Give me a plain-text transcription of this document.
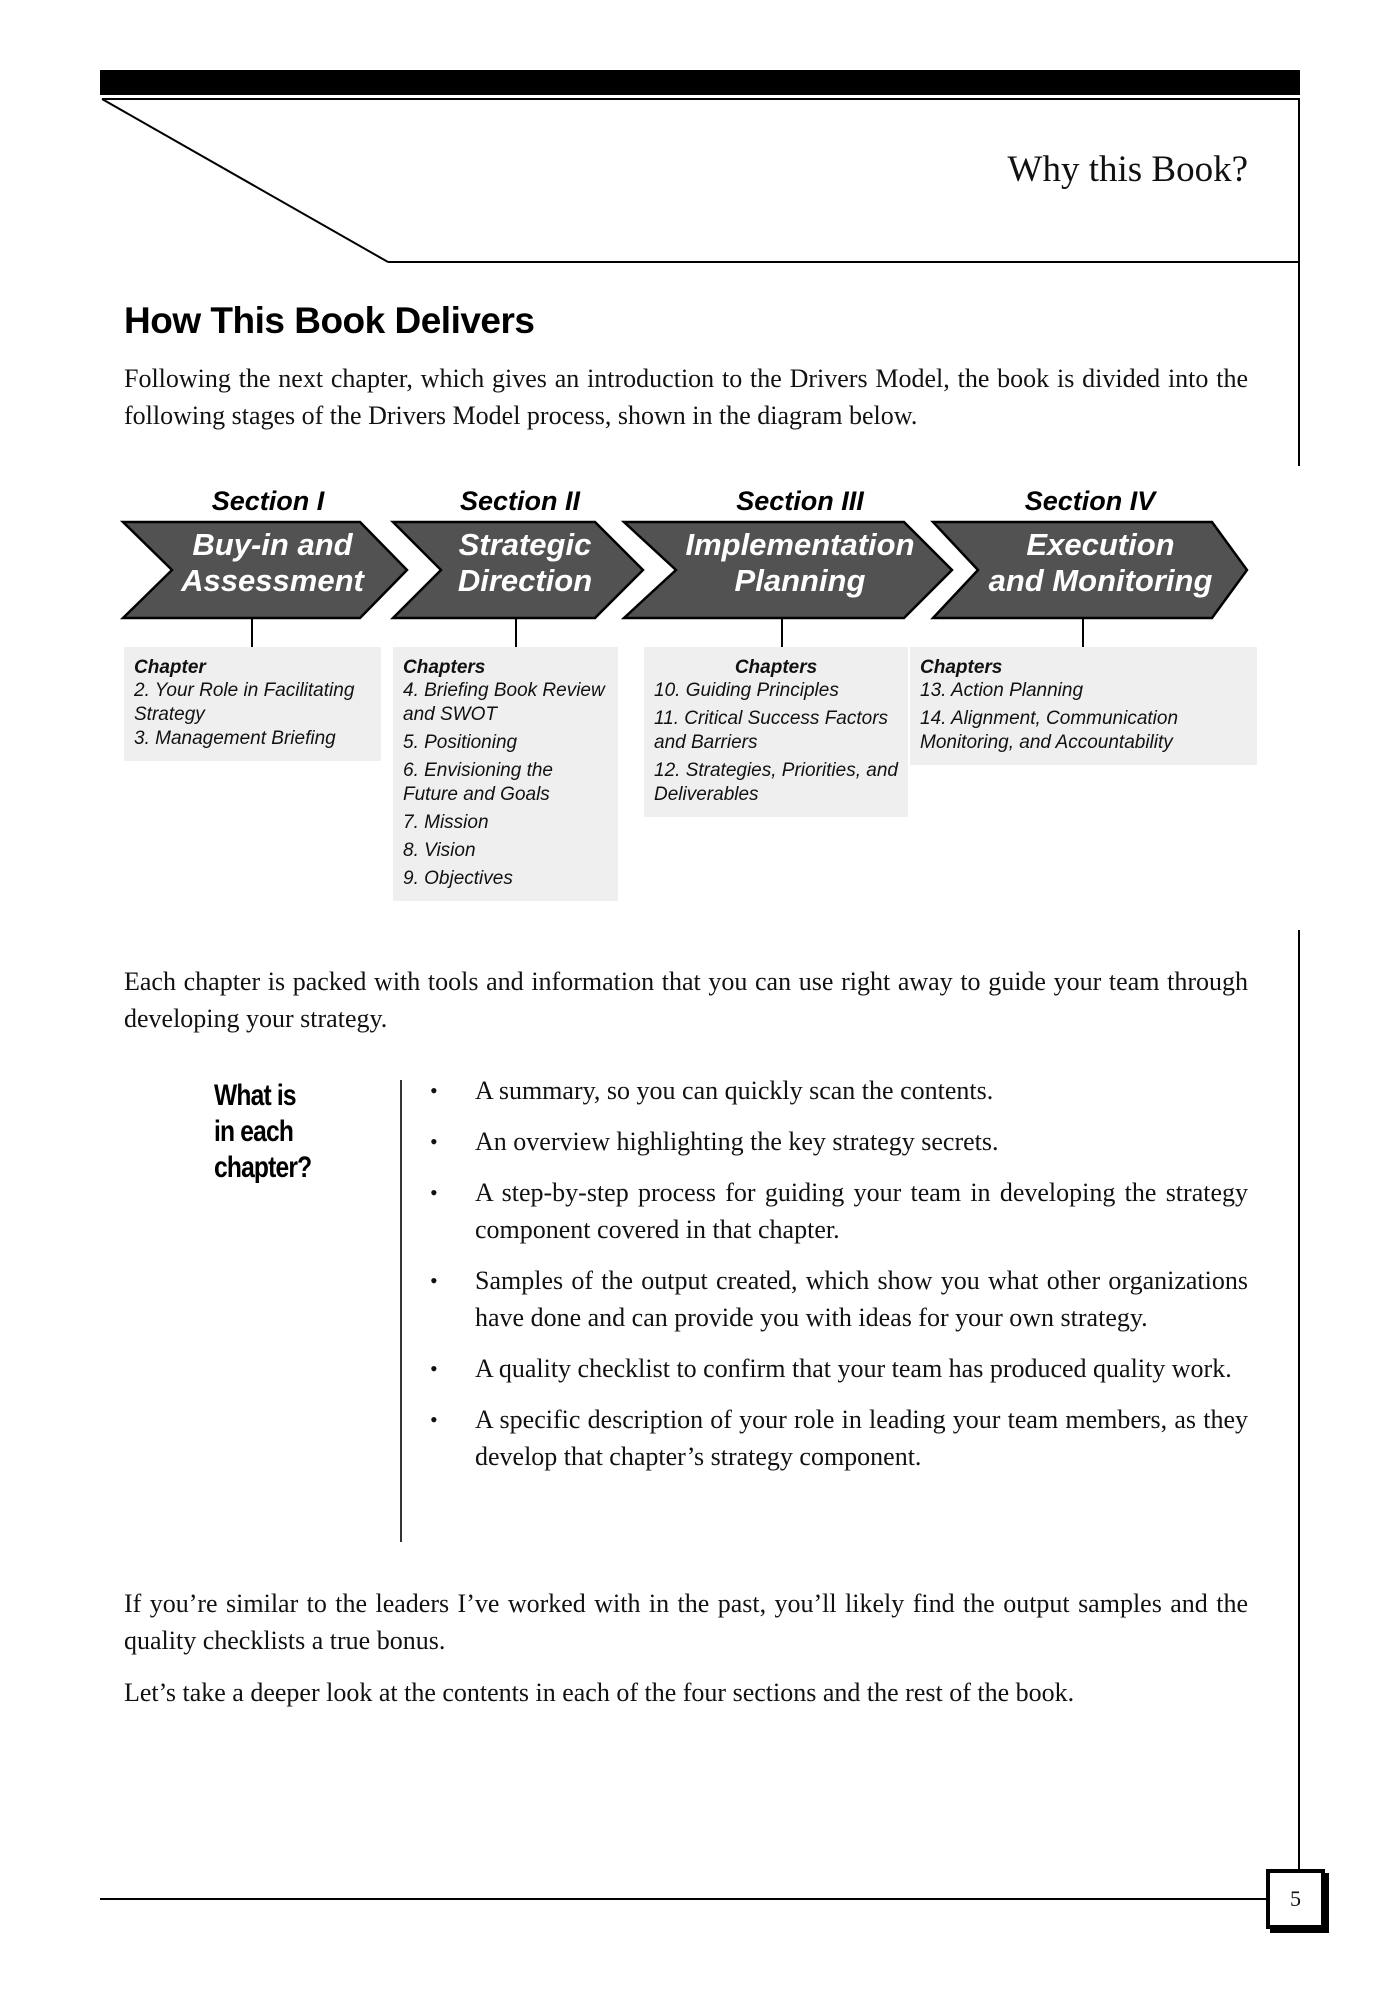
Why this Book?
How This Book Delivers

Following the next chapter, which gives an introduction to the Drivers Model, the book is divided into the following stages of the Drivers Model process, shown in the diagram below.

Section I	Section II	Section III	Section IV
Buy-in and
Assessment
Strategic
Direction
Implementation
Planning
Execution
and Monitoring
Chapter
2. Your Role in Facilitating Strategy
3. Management Briefing
Chapters
4. Briefing Book Review and SWOT
5. Positioning
6. Envisioning the Future and Goals
7. Mission
8. Vision
9. Objectives
Chapters
10. Guiding Principles
11. Critical Success Factors and Barriers
12. Strategies, Priorities, and Deliverables
Chapters
13. Action Planning
14. Alignment, Communication Monitoring, and Accountability

Each chapter is packed with tools and information that you can use right away to guide your team through developing your strategy.

What is
in each
chapter?
• A summary, so you can quickly scan the contents.
• An overview highlighting the key strategy secrets.
• A step-by-step process for guiding your team in developing the strategy component covered in that chapter.
• Samples of the output created, which show you what other organizations have done and can provide you with ideas for your own strategy.
• A quality checklist to confirm that your team has produced quality work.
• A specific description of your role in leading your team members, as they develop that chapter’s strategy component.

If you’re similar to the leaders I’ve worked with in the past, you’ll likely find the output samples and the quality checklists a true bonus.

Let’s take a deeper look at the contents in each of the four sections and the rest of the book.

5
